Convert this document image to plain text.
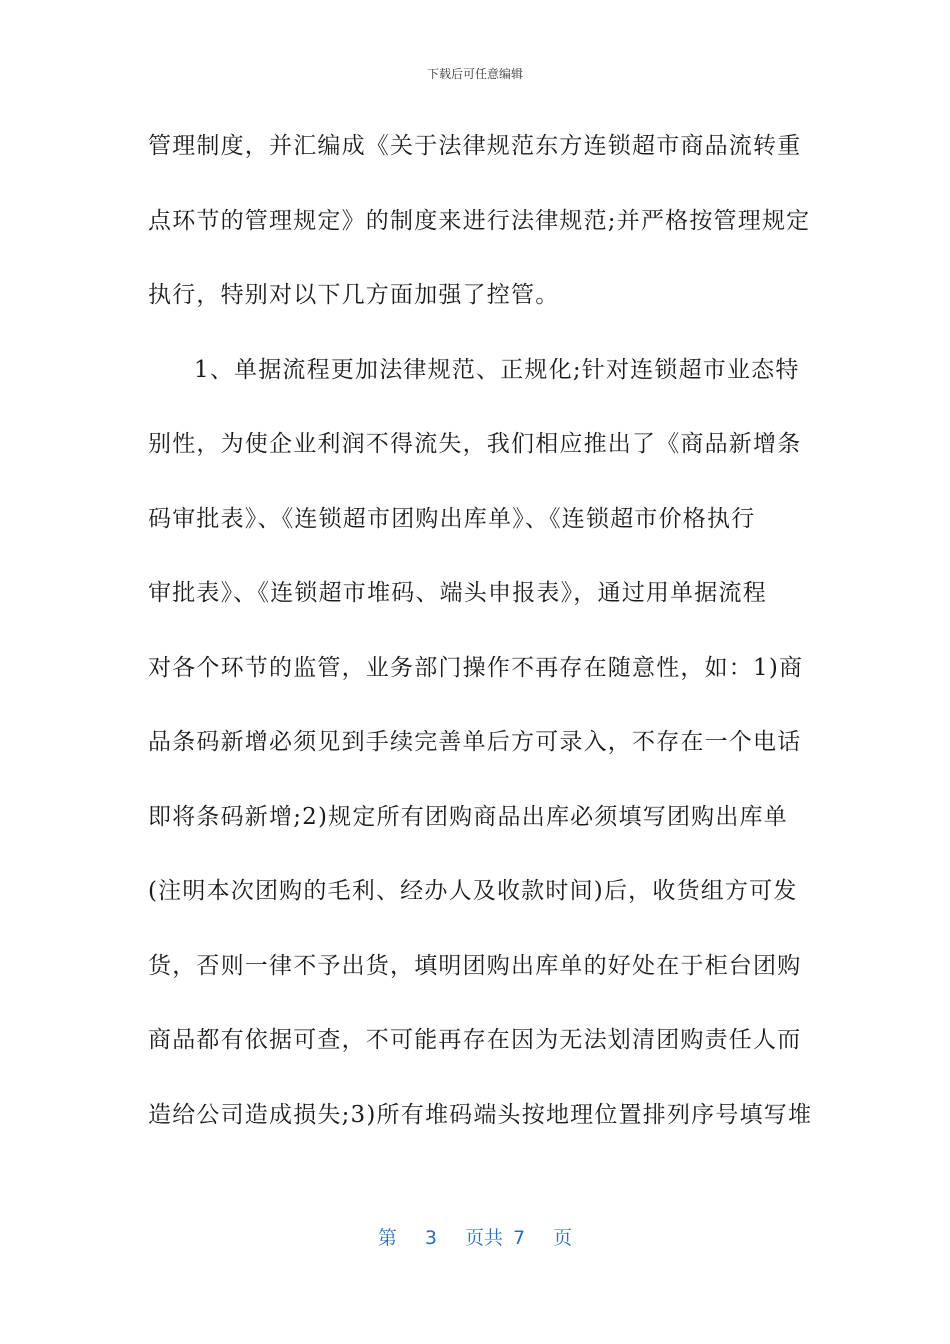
下载后可任意编辑
管理制度，并汇编成《关于法律规范东方连锁超市商品流转重
点环节的管理规定》的制度来进行法律规范;并严格按管理规定
执行，特别对以下几方面加强了控管。
1、单据流程更加法律规范、正规化;针对连锁超市业态特
别性，为使企业利润不得流失，我们相应推出了《商品新增条
码审批表》、《连锁超市团购出库单》、《连锁超市价格执行
审批表》、《连锁超市堆码、端头申报表》，通过用单据流程
对各个环节的监管，业务部门操作不再存在随意性，如：1)商
品条码新增必须见到手续完善单后方可录入，不存在一个电话
即将条码新增;2)规定所有团购商品出库必须填写团购出库单
(注明本次团购的毛利、经办人及收款时间)后，收货组方可发
货，否则一律不予出货，填明团购出库单的好处在于柜台团购
商品都有依据可查，不可能再存在因为无法划清团购责任人而
造给公司造成损失;3)所有堆码端头按地理位置排列序号填写堆
第 3 页共 7 页
